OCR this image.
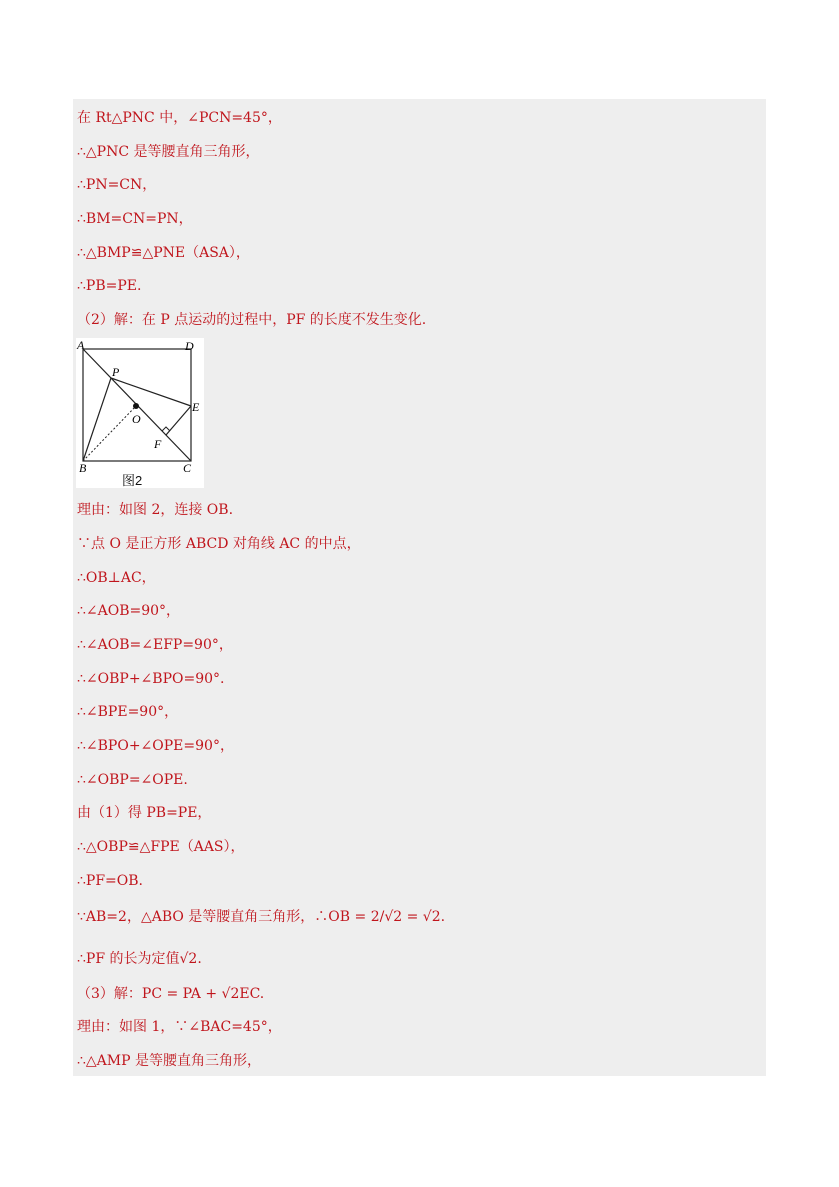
在 Rt△PNC 中，∠PCN=45°，
∴△PNC 是等腰直角三角形，
∴PN=CN，
∴BM=CN=PN，
∴△BMP≌△PNE（ASA），
∴PB=PE.
（2）解：在 P 点运动的过程中，PF 的长度不发生变化.
A	D
P
E
O
F
B	C
图2
理由：如图 2，连接 OB.
∵点 O 是正方形 ABCD 对角线 AC 的中点，
∴OB⊥AC，
∴∠AOB=90°，
∴∠AOB=∠EFP=90°，
∴∠OBP+∠BPO=90°.
∴∠BPE=90°，
∴∠BPO+∠OPE=90°，
∴∠OBP=∠OPE.
由（1）得 PB=PE，
∴△OBP≌△FPE（AAS），
∴PF=OB.
∵AB=2，△ABO 是等腰直角三角形，∴OB = 2/√2 = √2.
∴PF 的长为定值√2.
（3）解：PC = PA + √2EC.
理由：如图 1，∵∠BAC=45°，
∴△AMP 是等腰直角三角形，
